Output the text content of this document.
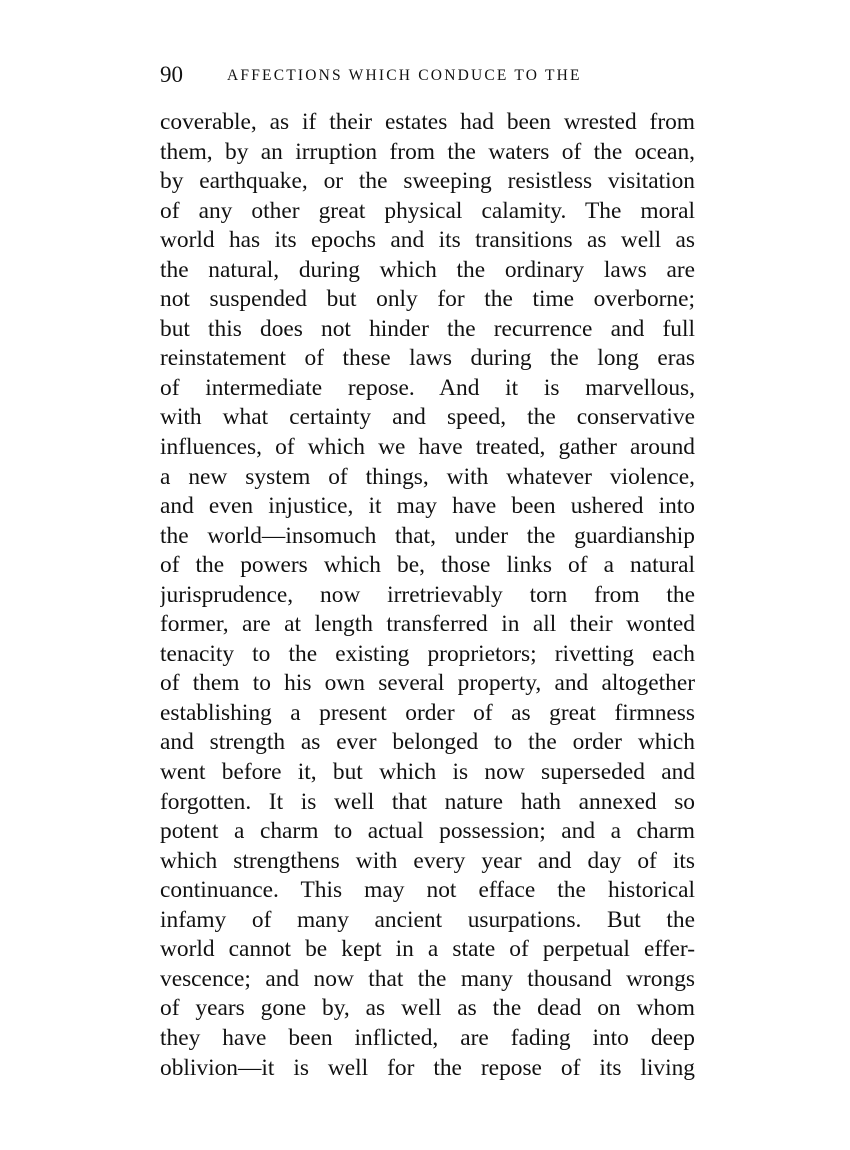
90	AFFECTIONS WHICH CONDUCE TO THE
coverable, as if their estates had been wrested from
them, by an irruption from the waters of the ocean,
by earthquake, or the sweeping resistless visitation
of any other great physical calamity. The moral
world has its epochs and its transitions as well as
the natural, during which the ordinary laws are
not suspended but only for the time overborne;
but this does not hinder the recurrence and full
reinstatement of these laws during the long eras
of intermediate repose. And it is marvellous,
with what certainty and speed, the conservative
influences, of which we have treated, gather around
a new system of things, with whatever violence,
and even injustice, it may have been ushered into
the world—insomuch that, under the guardianship
of the powers which be, those links of a natural
jurisprudence, now irretrievably torn from the
former, are at length transferred in all their wonted
tenacity to the existing proprietors; rivetting each
of them to his own several property, and altogether
establishing a present order of as great firmness
and strength as ever belonged to the order which
went before it, but which is now superseded and
forgotten. It is well that nature hath annexed so
potent a charm to actual possession; and a charm
which strengthens with every year and day of its
continuance. This may not efface the historical
infamy of many ancient usurpations. But the
world cannot be kept in a state of perpetual effer-
vescence; and now that the many thousand wrongs
of years gone by, as well as the dead on whom
they have been inflicted, are fading into deep
oblivion—it is well for the repose of its living
